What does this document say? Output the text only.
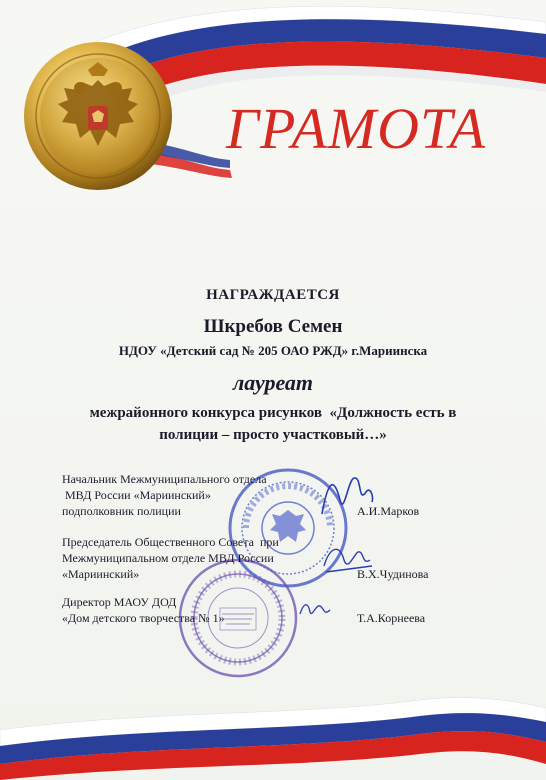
ГРАМОТА
НАГРАЖДАЕТСЯ
Шкребов Семен
НДОУ «Детский сад № 205 ОАО РЖД» г.Мариинска
лауреат
межрайонного конкурса рисунков  «Должность есть в
полиции – просто участковый…»
Начальник Межмуниципального отдела
МВД России «Мариинский»
подполковник полиции	А.И.Марков
Председатель Общественного Совета  при
Межмуниципальном отделе МВД России
«Мариинский»	В.Х.Чудинова
Директор МАОУ ДОД
«Дом детского творчества № 1»	Т.А.Корнеева
